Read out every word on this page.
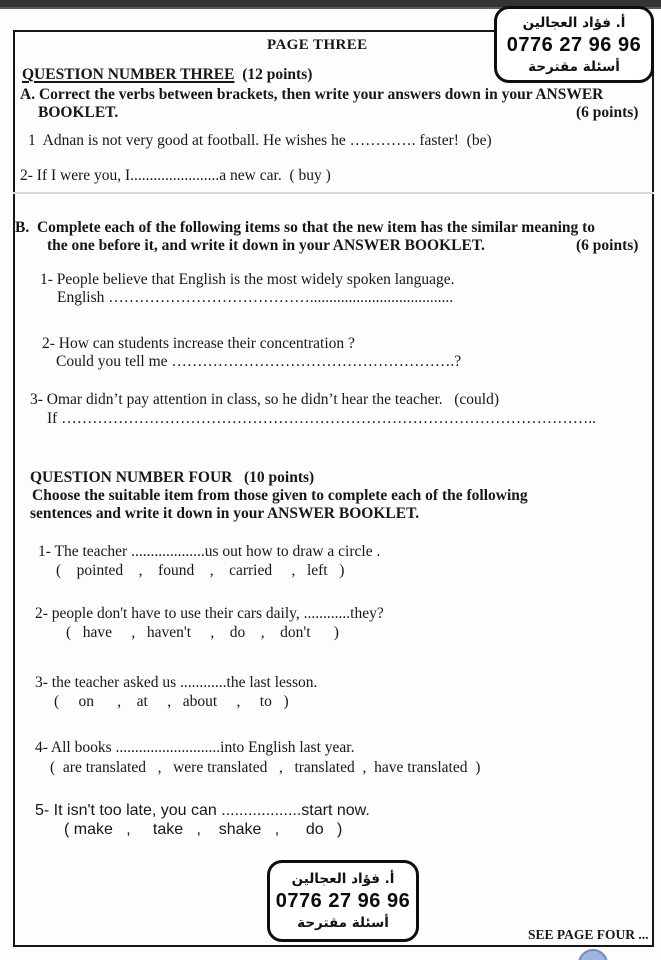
أ. فؤاد العجالين
0776 27 96 96
أسئلة مقترحة
PAGE THREE
QUESTION NUMBER THREE  (12 points)
A. Correct the verbs between brackets, then write your answers down in your ANSWER
BOOKLET.	(6 points)
1  Adnan is not very good at football. He wishes he …………. faster!  (be)
2- If I were you, I.......................a new car.  ( buy )
B.  Complete each of the following items so that the new item has the similar meaning to
the one before it, and write it down in your ANSWER BOOKLET.	(6 points)
1- People believe that English is the most widely spoken language.
English ………………………………….....................................
2- How can students increase their concentration ?
Could you tell me ……………………………………………….?
3- Omar didn’t pay attention in class, so he didn’t hear the teacher.   (could)
If …………………………………………………………………………………………..
QUESTION NUMBER FOUR   (10 points)
Choose the suitable item from those given to complete each of the following
sentences and write it down in your ANSWER BOOKLET.
1- The teacher ...................us out how to draw a circle .
(    pointed    ,    found    ,    carried     ,   left   )
2- people don't have to use their cars daily, ............they?
(   have     ,   haven't     ,    do    ,    don't      )
3- the teacher asked us ............the last lesson.
(     on      ,    at     ,   about     ,     to   )
4- All books ...........................into English last year.
(  are translated   ,   were translated   ,   translated  ,  have translated  )
5- It isn't too late, you can ..................start now.
( make   ,     take   ,    shake   ,      do   )
أ. فؤاد العجالين
0776 27 96 96
أسئلة مقترحة
SEE PAGE FOUR ...
